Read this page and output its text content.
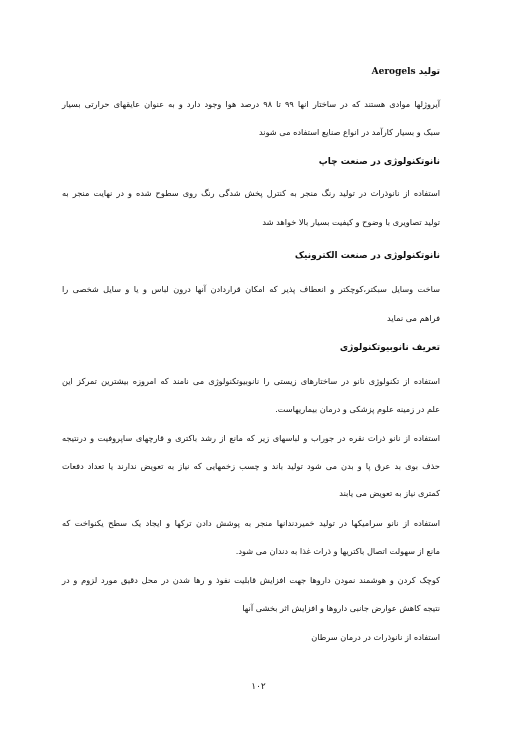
تولید Aerogels
آیروژلها موادی هستند که در ساختار انها ۹۹ تا ۹۸ درصد هوا وجود دارد و به عنوان عایقهای حرارتی بسیار
سبک و بسیار کارآمد در انواع صنایع استفاده می شوند
نانوتکنولوژی در صنعت چاپ
استفاده از نانوذرات در تولید رنگ منجر به کنترل پخش شدگی رنگ روی سطوح شده و در نهایت منجر به
تولید تصاویری با وضوح و کیفیت بسیار بالا خواهد شد
نانوتکنولوژی در صنعت الکترونیک
ساخت وسایل سبکتر،کوچکتر و انعطاف پذیر که امکان قراردادن آنها درون لباس و یا و سایل شخصی را
فراهم می نماید
تعریف نانوبیوتکنولوژی
استفاده از تکنولوژی نانو در ساختارهای زیستی را نانوبیوتکنولوژی می نامند که امروزه بیشترین تمرکز این
علم در زمینه علوم پزشکی و درمان بیماریهاست.
استفاده از نانو ذرات نقره در جوراب و لباسهای زیر که مانع از رشد باکتری و قارچهای ساپروفیت و درنتیجه
حذف بوی بد عرق پا و بدن می شود تولید باند و چسب زخمهایی که نیاز به تعویض ندارند یا تعداد دفعات
کمتری نیاز به تعویض می یابند
استفاده از نانو سرامیکها در تولید خمیردندانها منجر به پوشش دادن ترکها و ایجاد یک سطح یکنواخت که
مانع از سهولت اتصال باکتریها و ذرات غذا به دندان می شود.
کوچک کردن و هوشمند نمودن داروها جهت افزایش قابلیت نفوذ و رها شدن در محل دقیق مورد لزوم و در
نتیجه کاهش عوارض جانبی داروها و افزایش اثر بخشی آنها
استفاده از نانوذرات در درمان سرطان
۱۰۲
